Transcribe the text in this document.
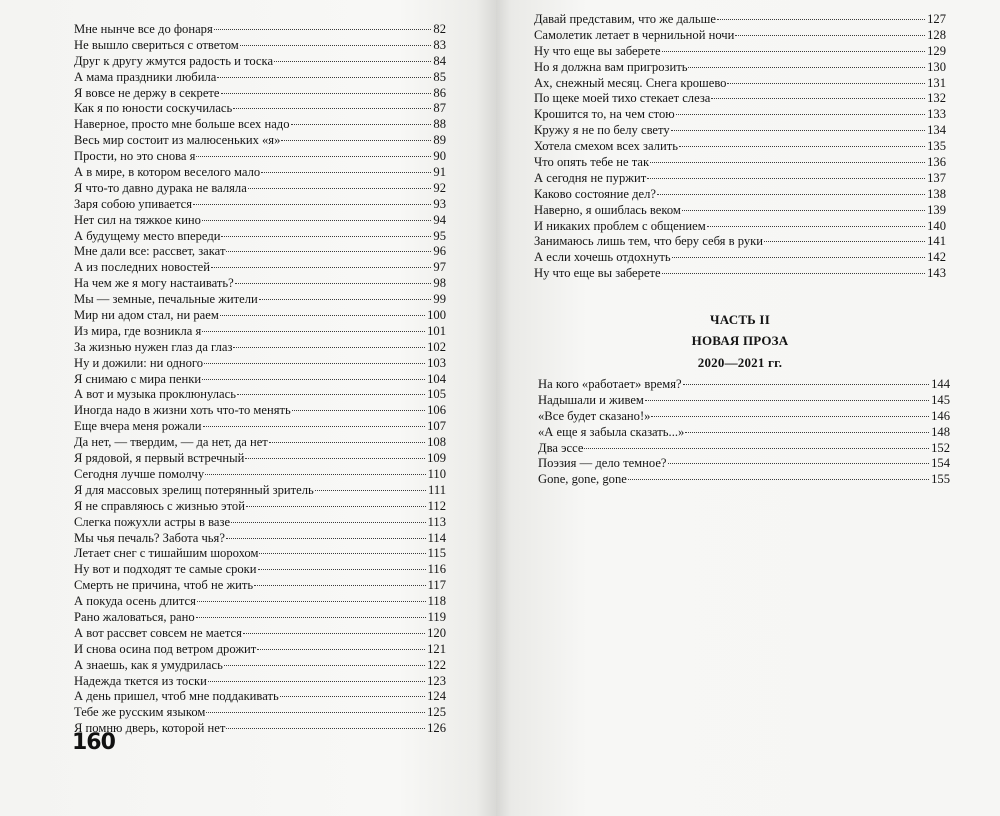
Мне нынче все до фонаря	82
Не вышло свериться с ответом	83
Друг к другу жмутся радость и тоска	84
А мама праздники любила	85
Я вовсе не держу в секрете	86
Как я по юности соскучилась	87
Наверное, просто мне больше всех надо	88
Весь мир состоит из малюсеньких «я»	89
Прости, но это снова я	90
А в мире, в котором веселого мало	91
Я что-то давно дурака не валяла	92
Заря собою упивается	93
Нет сил на тяжкое кино	94
А будущему место впереди	95
Мне дали все: рассвет, закат	96
А из последних новостей	97
На чем же я могу настаивать?	98
Мы — земные, печальные жители	99
Мир ни адом стал, ни раем	100
Из мира, где возникла я	101
За жизнью нужен глаз да глаз	102
Ну и дожили: ни одного	103
Я снимаю с мира пенки	104
А вот и музыка проклюнулась	105
Иногда надо в жизни хоть что-то менять	106
Еще вчера меня рожали	107
Да нет, — твердим, — да нет, да нет	108
Я рядовой, я первый встречный	109
Сегодня лучше помолчу	110
Я для массовых зрелищ потерянный зритель	111
Я не справляюсь с жизнью этой	112
Слегка пожухли астры в вазе	113
Мы чья печаль? Забота чья?	114
Летает снег с тишайшим шорохом	115
Ну вот и подходят те самые сроки	116
Смерть не причина, чтоб не жить	117
А покуда осень длится	118
Рано жаловаться, рано	119
А вот рассвет совсем не мается	120
И снова осина под ветром дрожит	121
А знаешь, как я умудрилась	122
Надежда ткется из тоски	123
А день пришел, чтоб мне поддакивать	124
Тебе же русским языком	125
Я помню дверь, которой нет	126
160
Давай представим, что же дальше	127
Самолетик летает в чернильной ночи	128
Ну что еще вы заберете	129
Но я должна вам пригрозить	130
Ах, снежный месяц. Снега крошево	131
По щеке моей тихо стекает слеза	132
Крошится то, на чем стою	133
Кружу я не по белу свету	134
Хотела смехом всех залить	135
Что опять тебе не так	136
А сегодня не пуржит	137
Каково состояние дел?	138
Наверно, я ошиблась веком	139
И никаких проблем с общением	140
Занимаюсь лишь тем, что беру себя в руки	141
А если хочешь отдохнуть	142
Ну что еще вы заберете	143
ЧАСТЬ II
НОВАЯ ПРОЗА
2020—2021 гг.
На кого «работает» время?	144
Надышали и живем	145
«Все будет сказано!»	146
«А еще я забыла сказать...»	148
Два эссе	152
Поэзия — дело темное?	154
Gone, gone, gone	155
